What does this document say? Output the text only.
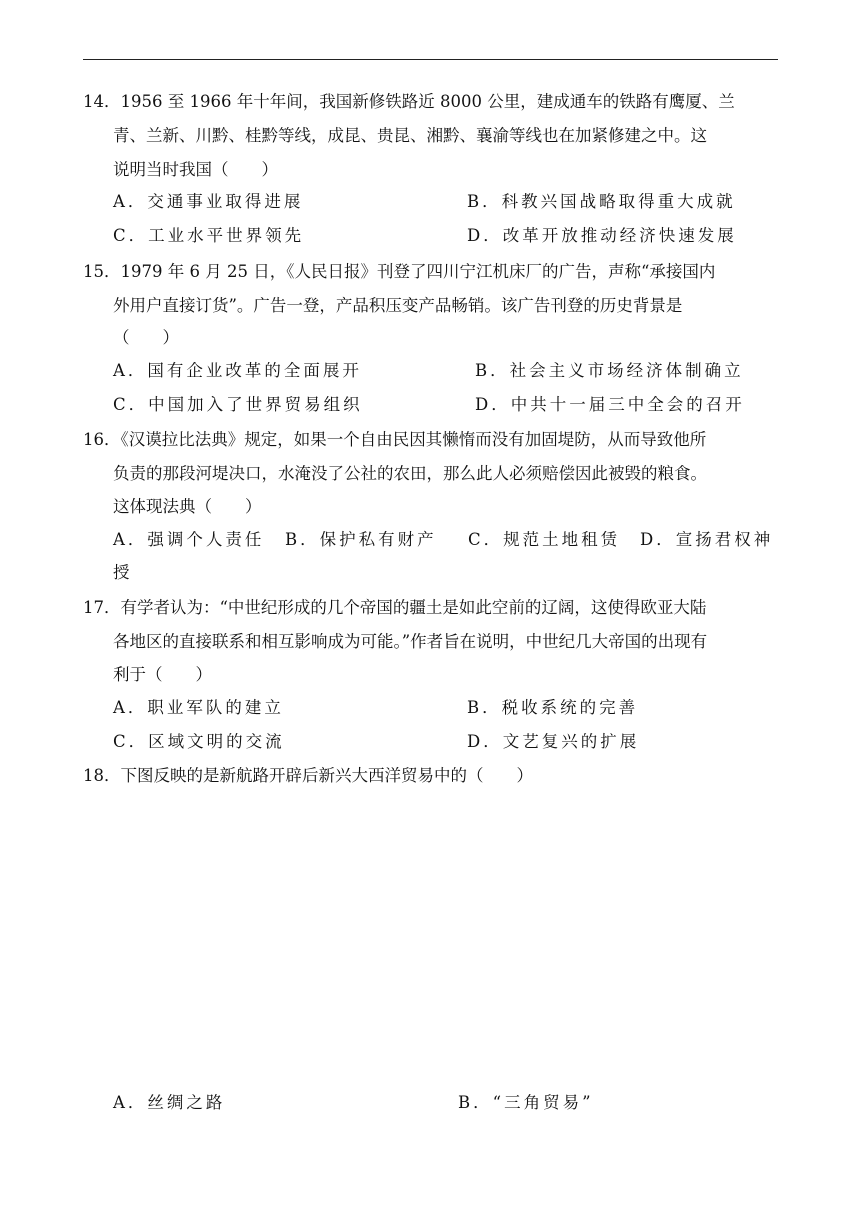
14．1956 至 1966 年十年间，我国新修铁路近 8000 公里，建成通车的铁路有鹰厦、兰
青、兰新、川黔、桂黔等线，成昆、贵昆、湘黔、襄渝等线也在加紧修建之中。这
说明当时我国（　　）
A．交通事业取得进展	B．科教兴国战略取得重大成就
C．工业水平世界领先	D．改革开放推动经济快速发展
15．1979 年 6 月 25 日，《人民日报》刊登了四川宁江机床厂的广告，声称“承接国内
外用户直接订货”。广告一登，产品积压变产品畅销。该广告刊登的历史背景是
（　　）
A．国有企业改革的全面展开	B．社会主义市场经济体制确立
C．中国加入了世界贸易组织	D．中共十一届三中全会的召开
16．《汉谟拉比法典》规定，如果一个自由民因其懒惰而没有加固堤防，从而导致他所
负责的那段河堤决口，水淹没了公社的农田，那么此人必须赔偿因此被毁的粮食。
这体现法典（　　）
A．强调个人责任 B．保护私有财产 C．规范土地租赁 D．宣扬君权神
授
17．有学者认为：“中世纪形成的几个帝国的疆土是如此空前的辽阔，这使得欧亚大陆
各地区的直接联系和相互影响成为可能。”作者旨在说明，中世纪几大帝国的出现有
利于（　　）
A．职业军队的建立	B．税收系统的完善
C．区域文明的交流	D．文艺复兴的扩展
18．下图反映的是新航路开辟后新兴大西洋贸易中的（　　）
A．丝绸之路	B．“三角贸易”
